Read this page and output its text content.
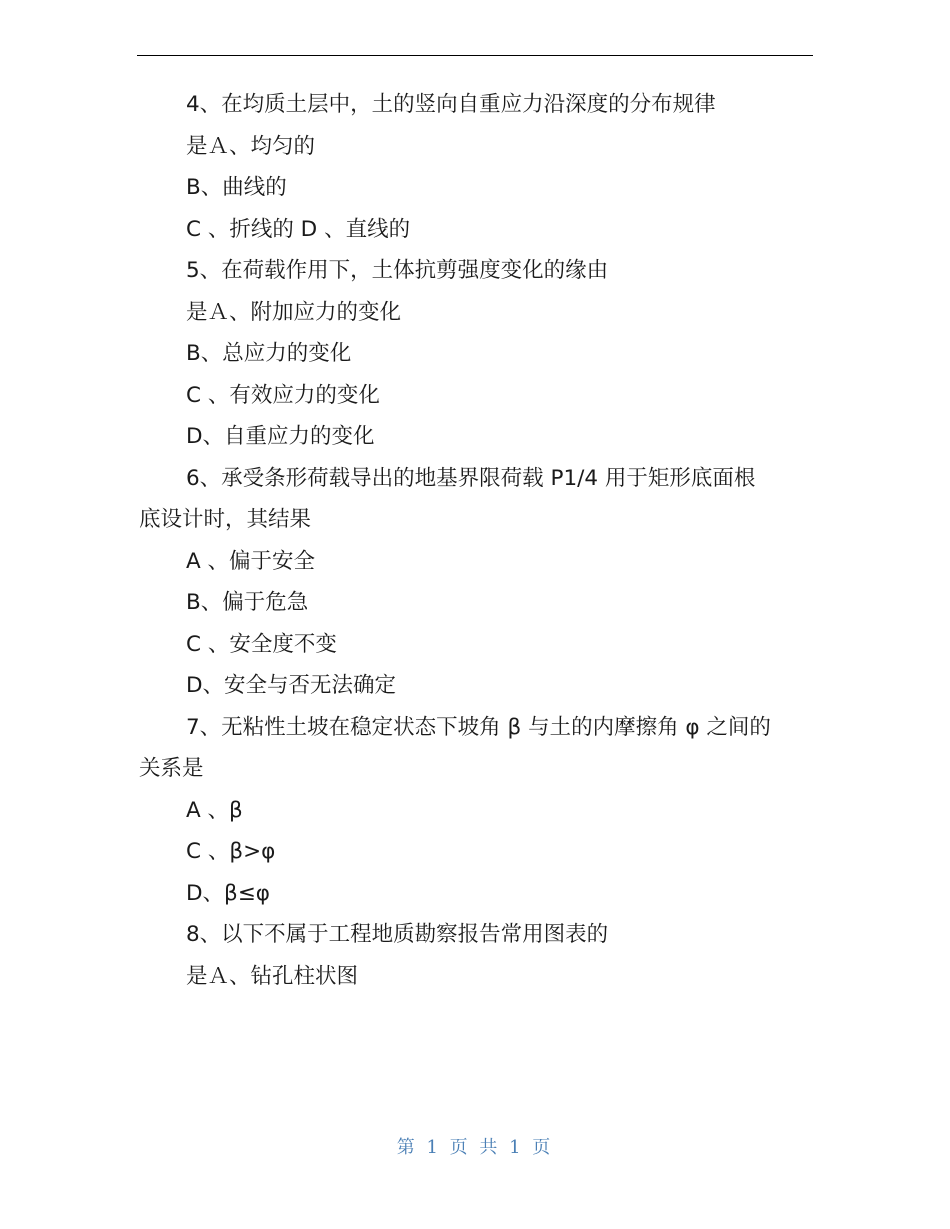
4、在均质土层中，土的竖向自重应力沿深度的分布规律
是Ａ、均匀的
B、曲线的
C 、折线的 D 、直线的
5、在荷载作用下，土体抗剪强度变化的缘由
是Ａ、附加应力的变化
B、总应力的变化
C 、有效应力的变化
D、自重应力的变化
6、承受条形荷载导出的地基界限荷载 P1/4 用于矩形底面根
底设计时，其结果
A 、偏于安全
B、偏于危急
C 、安全度不变
D、安全与否无法确定
7、无粘性土坡在稳定状态下坡角 β 与土的内摩擦角 φ 之间的
关系是
A 、β
C 、β>φ
D、β≤φ
8、以下不属于工程地质勘察报告常用图表的
是Ａ、钻孔柱状图
第 1 页 共 1 页
